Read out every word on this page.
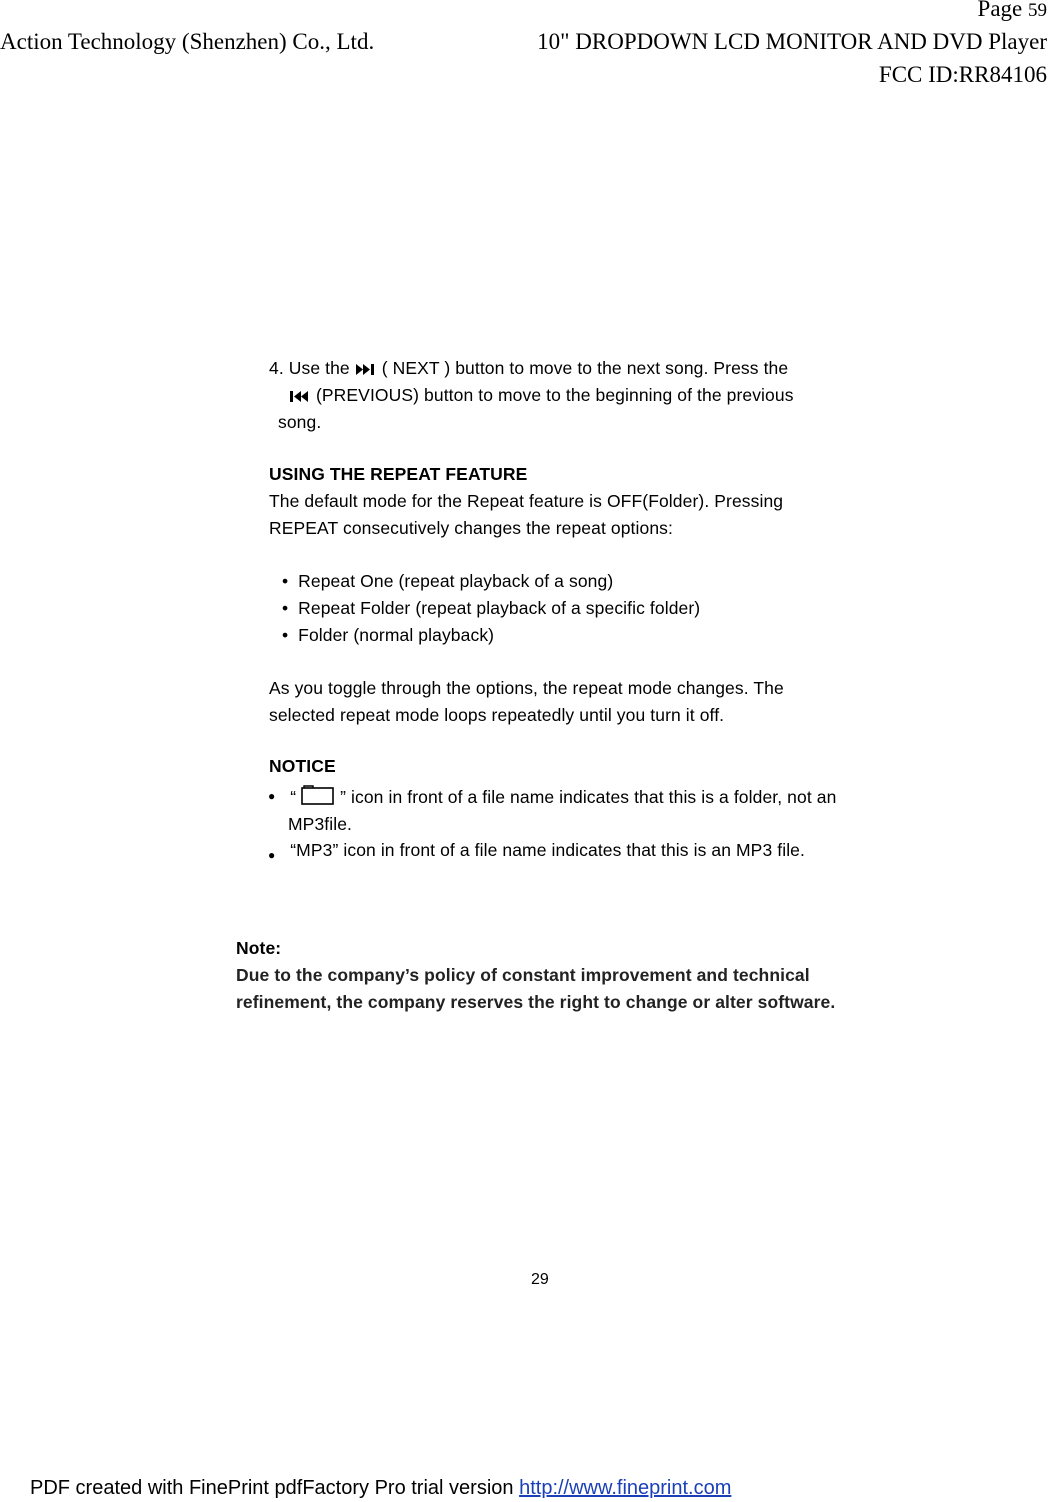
Page 59
Action Technology (Shenzhen) Co., Ltd.	10" DROPDOWN LCD MONITOR AND DVD Player
FCC ID:RR84106
4. Use the ( NEXT ) button to move to the next song. Press the
(PREVIOUS) button to move to the beginning of the previous
song.
USING THE REPEAT FEATURE
The default mode for the Repeat feature is OFF(Folder). Pressing
REPEAT consecutively changes the repeat options:
•  Repeat One (repeat playback of a song)
•  Repeat Folder (repeat playback of a specific folder)
•  Folder (normal playback)
As you toggle through the options, the repeat mode changes. The
selected repeat mode loops repeatedly until you turn it off.
NOTICE
● “	” icon in front of a file name indicates that this is a folder, not an
MP3file.
● “MP3” icon in front of a file name indicates that this is an MP3 file.
Note:
Due to the company’s policy of constant improvement and technical
refinement, the company reserves the right to change or alter software.
29
PDF created with FinePrint pdfFactory Pro trial version http://www.fineprint.com
